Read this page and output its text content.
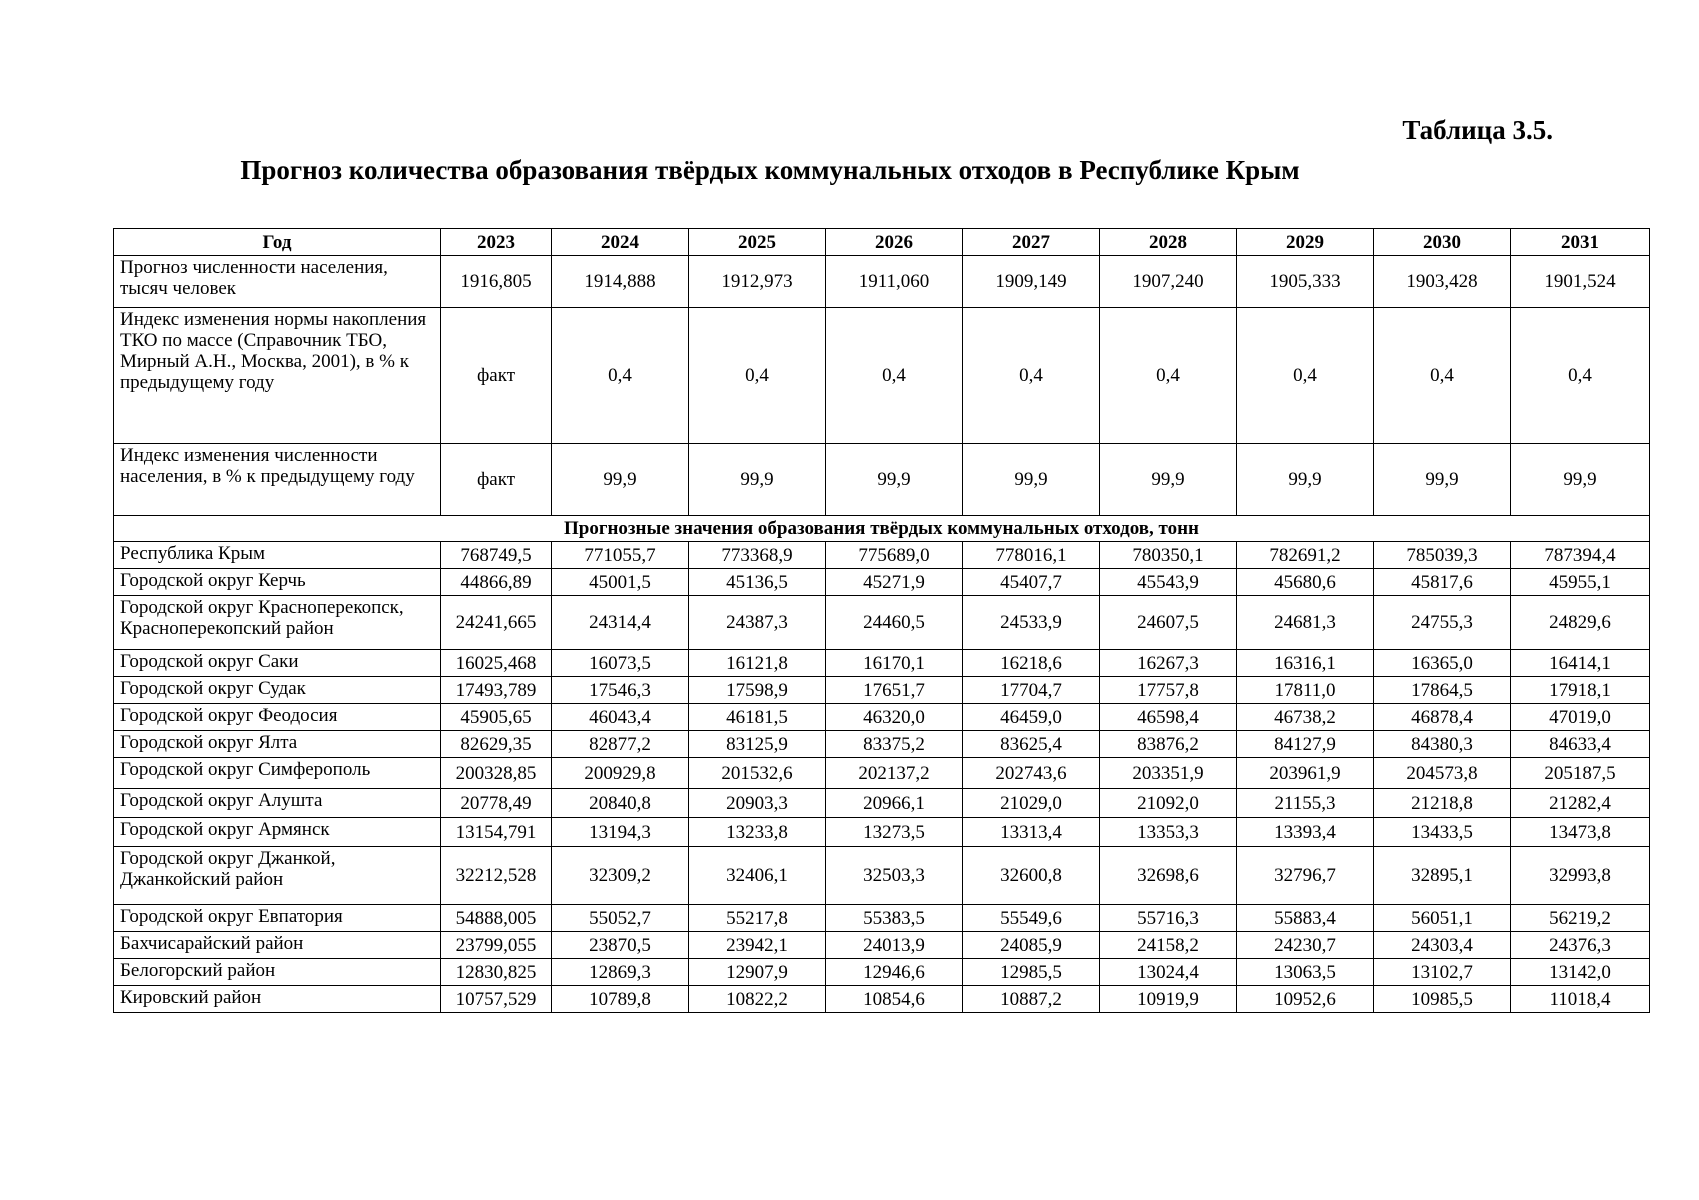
Таблица 3.5.

Прогноз количества образования твёрдых коммунальных отходов в Республике Крым
Год	2023	2024	2025	2026	2027	2028	2029	2030	2031
Прогноз численности населения, тысяч человек	1916,805	1914,888	1912,973	1911,060	1909,149	1907,240	1905,333	1903,428	1901,524
Индекс изменения нормы накопления ТКО по массе (Справочник ТБО, Мирный А.Н., Москва, 2001), в % к предыдущему году	факт	0,4	0,4	0,4	0,4	0,4	0,4	0,4	0,4
Индекс изменения численности населения, в % к предыдущему году	факт	99,9	99,9	99,9	99,9	99,9	99,9	99,9	99,9
Прогнозные значения образования твёрдых коммунальных отходов, тонн									
Республика Крым	768749,5	771055,7	773368,9	775689,0	778016,1	780350,1	782691,2	785039,3	787394,4
Городской округ Керчь	44866,89	45001,5	45136,5	45271,9	45407,7	45543,9	45680,6	45817,6	45955,1
Городской округ Красноперекопск, Красноперекопский район	24241,665	24314,4	24387,3	24460,5	24533,9	24607,5	24681,3	24755,3	24829,6
Городской округ Саки	16025,468	16073,5	16121,8	16170,1	16218,6	16267,3	16316,1	16365,0	16414,1
Городской округ Судак	17493,789	17546,3	17598,9	17651,7	17704,7	17757,8	17811,0	17864,5	17918,1
Городской округ Феодосия	45905,65	46043,4	46181,5	46320,0	46459,0	46598,4	46738,2	46878,4	47019,0
Городской округ Ялта	82629,35	82877,2	83125,9	83375,2	83625,4	83876,2	84127,9	84380,3	84633,4
Городской округ Симферополь	200328,85	200929,8	201532,6	202137,2	202743,6	203351,9	203961,9	204573,8	205187,5
Городской округ Алушта	20778,49	20840,8	20903,3	20966,1	21029,0	21092,0	21155,3	21218,8	21282,4
Городской округ Армянск	13154,791	13194,3	13233,8	13273,5	13313,4	13353,3	13393,4	13433,5	13473,8
Городской округ Джанкой, Джанкойский район	32212,528	32309,2	32406,1	32503,3	32600,8	32698,6	32796,7	32895,1	32993,8
Городской округ Евпатория	54888,005	55052,7	55217,8	55383,5	55549,6	55716,3	55883,4	56051,1	56219,2
Бахчисарайский район	23799,055	23870,5	23942,1	24013,9	24085,9	24158,2	24230,7	24303,4	24376,3
Белогорский район	12830,825	12869,3	12907,9	12946,6	12985,5	13024,4	13063,5	13102,7	13142,0
Кировский район	10757,529	10789,8	10822,2	10854,6	10887,2	10919,9	10952,6	10985,5	11018,4
